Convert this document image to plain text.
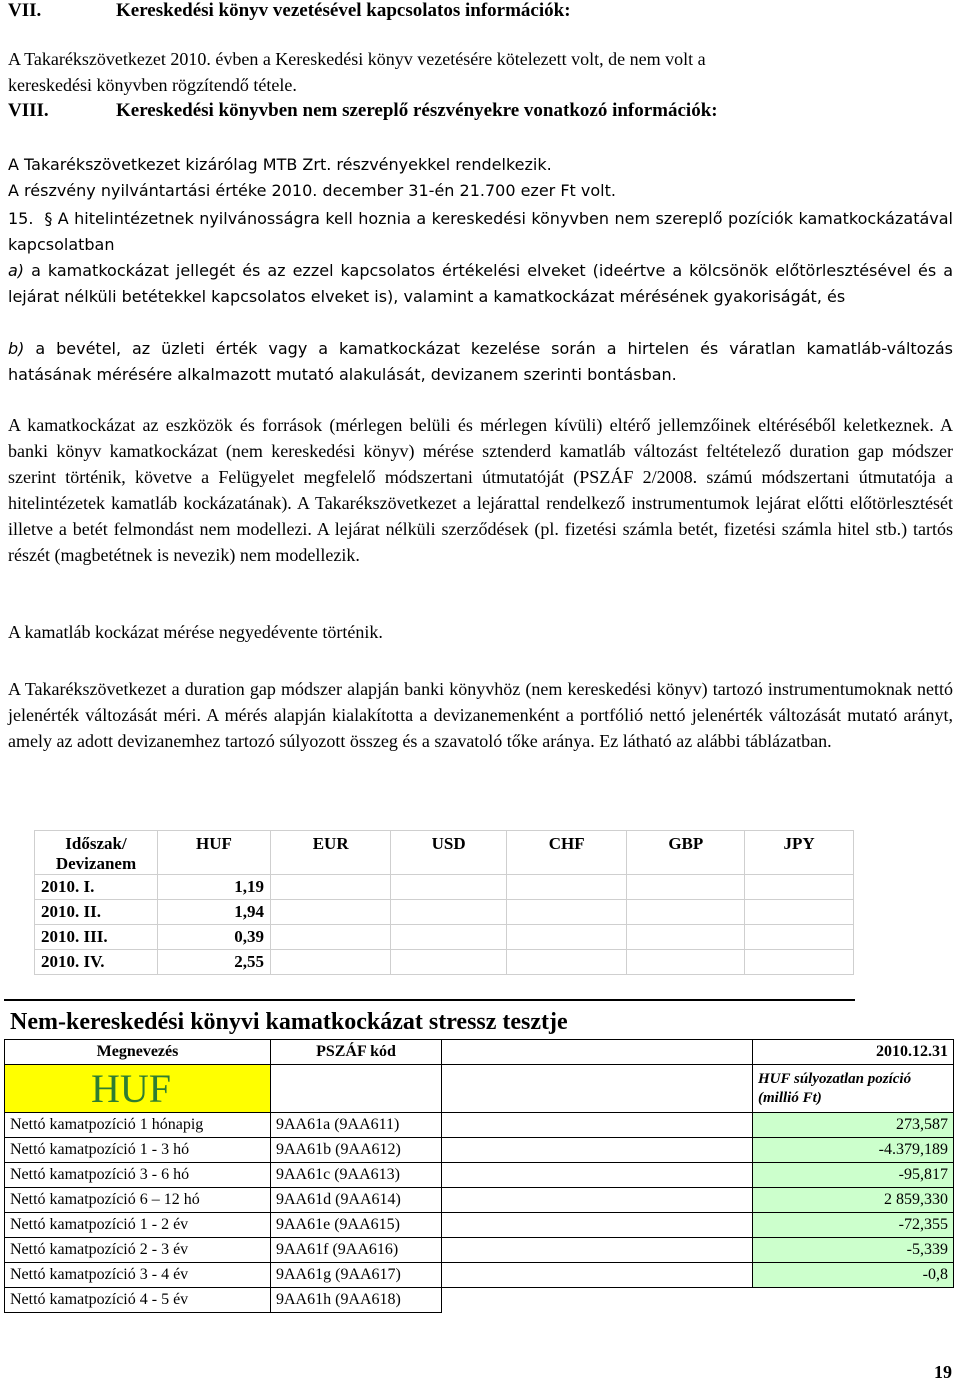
VII.	Kereskedési könyv vezetésével kapcsolatos információk:
A Takarékszövetkezet 2010. évben a Kereskedési könyv vezetésére kötelezett volt, de nem volt a
kereskedési könyvben rögzítendő tétele.
VIII.	Kereskedési könyvben nem szereplő részvényekre vonatkozó információk:
A Takarékszövetkezet kizárólag MTB Zrt. részvényekkel rendelkezik.
A részvény nyilvántartási értéke 2010. december 31-én 21.700 ezer Ft volt.
15. § A hitelintézetnek nyilvánosságra kell hoznia a kereskedési könyvben nem szereplő pozíciók kamatkockázatával kapcsolatban
a) a kamatkockázat jellegét és az ezzel kapcsolatos értékelési elveket (ideértve a kölcsönök előtörlesztésével és a lejárat nélküli betétekkel kapcsolatos elveket is), valamint a kamatkockázat mérésének gyakoriságát, és
b) a bevétel, az üzleti érték vagy a kamatkockázat kezelése során a hirtelen és váratlan kamatláb-változás hatásának mérésére alkalmazott mutató alakulását, devizanem szerinti bontásban.
A kamatkockázat az eszközök és források (mérlegen belüli és mérlegen kívüli) eltérő jellemzőinek eltéréséből keletkeznek. A banki könyv kamatkockázat (nem kereskedési könyv) mérése sztenderd kamatláb változást feltételező duration gap módszer szerint történik, követve a Felügyelet megfelelő módszertani útmutatóját (PSZÁF 2/2008. számú módszertani útmutatója a hitelintézetek kamatláb kockázatának). A Takarékszövetkezet a lejárattal rendelkező instrumentumok lejárat előtti előtörlesztését illetve a betét felmondást nem modellezi. A lejárat nélküli szerződések (pl. fizetési számla betét, fizetési számla hitel stb.) tartós részét (magbetétnek is nevezik) nem modellezik.
A kamatláb kockázat mérése negyedévente történik.
A Takarékszövetkezet a duration gap módszer alapján banki könyvhöz (nem kereskedési könyv) tartozó instrumentumoknak nettó jelenérték változását méri. A mérés alapján kialakította a devizanemenként a portfólió nettó jelenérték változását mutató arányt, amely az adott devizanemhez tartozó súlyozott összeg és a szavatoló tőke aránya. Ez látható az alábbi táblázatban.
Időszak/ Devizanem	HUF	EUR	USD	CHF	GBP	JPY
2010. I.	1,19					
2010. II.	1,94					
2010. III.	0,39					
2010. IV.	2,55					
Nem-kereskedési könyvi kamatkockázat stressz tesztje
Megnevezés	PSZÁF kód		2010.12.31
HUF			HUF súlyozatlan pozíció (millió Ft)
Nettó kamatpozíció 1 hónapig	9AA61a (9AA611)		273,587
Nettó kamatpozíció 1 - 3 hó	9AA61b (9AA612)		-4.379,189
Nettó kamatpozíció 3 - 6 hó	9AA61c (9AA613)		-95,817
Nettó kamatpozíció 6 – 12 hó	9AA61d (9AA614)		2 859,330
Nettó kamatpozíció 1 - 2 év	9AA61e (9AA615)		-72,355
Nettó kamatpozíció 2 - 3 év	9AA61f (9AA616)		-5,339
Nettó kamatpozíció 3 - 4 év	9AA61g (9AA617)		-0,8
Nettó kamatpozíció 4 - 5 év	9AA61h (9AA618)		
19
